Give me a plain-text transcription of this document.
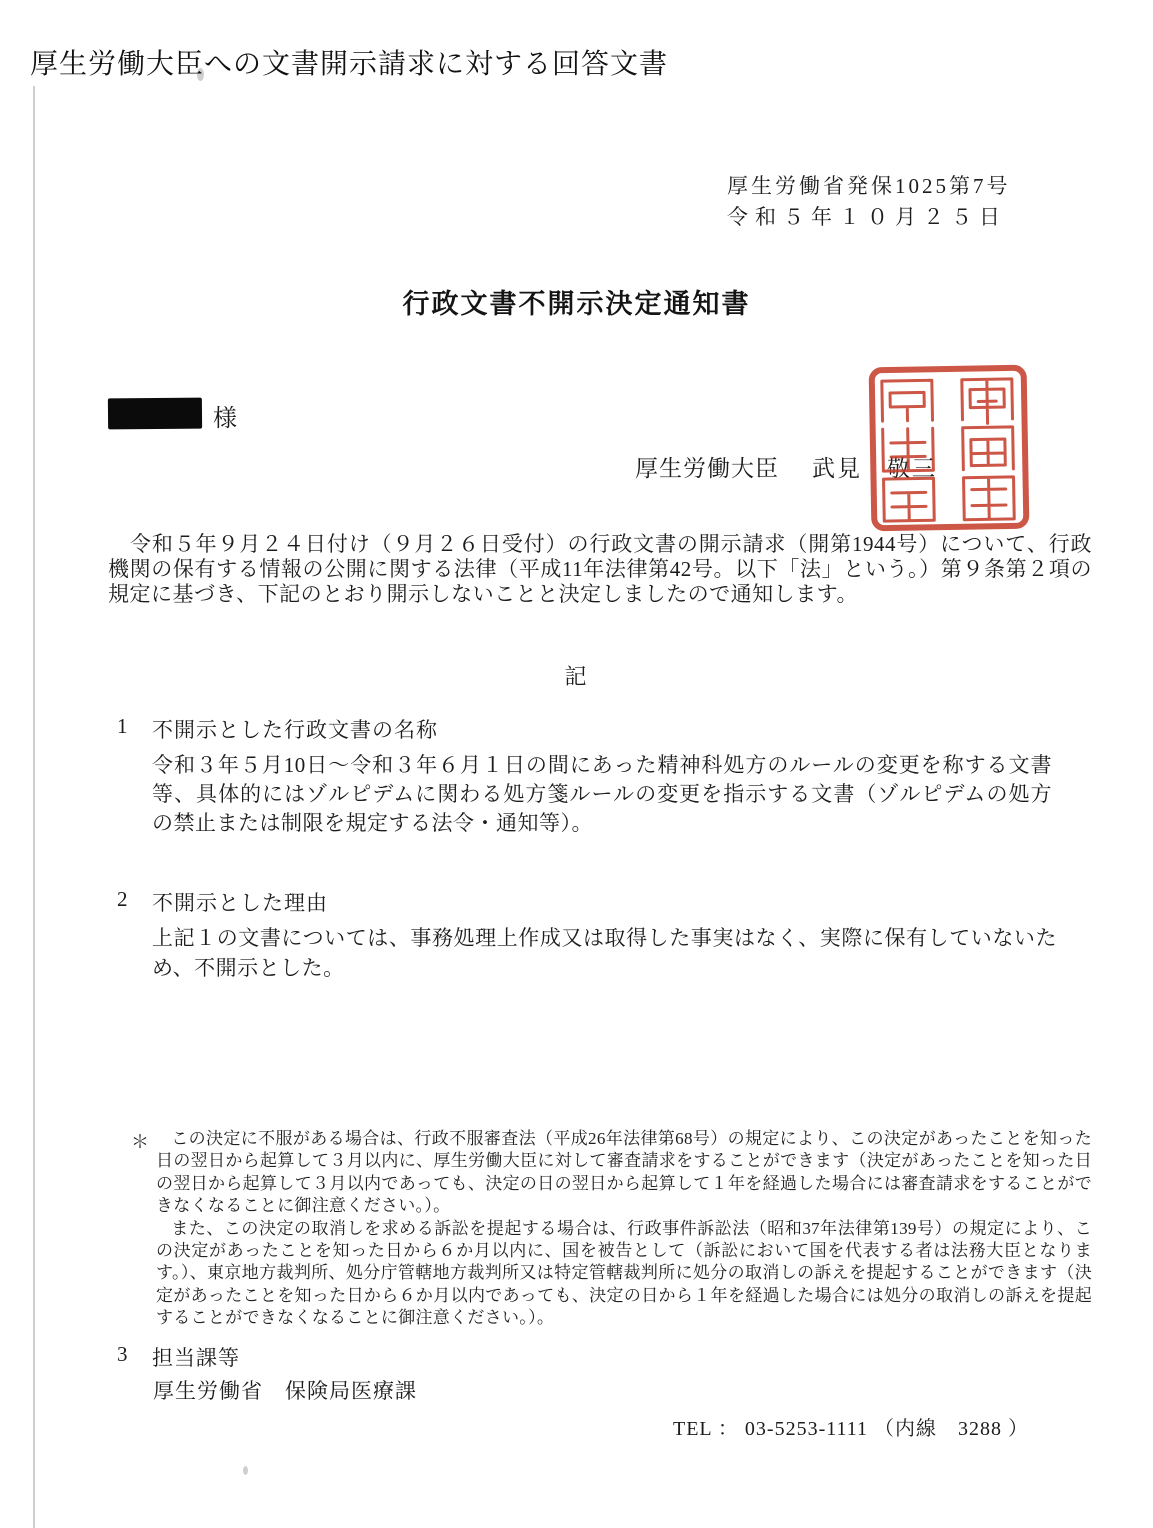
厚生労働大臣への文書開示請求に対する回答文書
厚生労働省発保1025第7号
令和５年１０月２５日
行政文書不開示決定通知書
様
厚生労働大臣 武見　敬三
令和５年９月２４日付け（９月２６日受付）の行政文書の開示請求（開第1944号）について、行政機関の保有する情報の公開に関する法律（平成11年法律第42号。以下「法」という。）第９条第２項の規定に基づき、下記のとおり開示しないことと決定しましたので通知します。
記
1 不開示とした行政文書の名称
令和３年５月10日～令和３年６月１日の間にあった精神科処方のルールの変更を称する文書等、具体的にはゾルピデムに関わる処方箋ルールの変更を指示する文書（ゾルピデムの処方の禁止または制限を規定する法令・通知等）。
2 不開示とした理由
上記１の文書については、事務処理上作成又は取得した事実はなく、実際に保有していないため、不開示とした。
＊	この決定に不服がある場合は、行政不服審査法（平成26年法律第68号）の規定により、この決定があったことを知った日の翌日から起算して３月以内に、厚生労働大臣に対して審査請求をすることができます（決定があったことを知った日の翌日から起算して３月以内であっても、決定の日の翌日から起算して１年を経過した場合には審査請求をすることができなくなることに御注意ください。）。

また、この決定の取消しを求める訴訟を提起する場合は、行政事件訴訟法（昭和37年法律第139号）の規定により、この決定があったことを知った日から６か月以内に、国を被告として（訴訟において国を代表する者は法務大臣となります。）、東京地方裁判所、処分庁管轄地方裁判所又は特定管轄裁判所に処分の取消しの訴えを提起することができます（決定があったことを知った日から６か月以内であっても、決定の日から１年を経過した場合には処分の取消しの訴えを提起することができなくなることに御注意ください。）。

3 担当課等
厚生労働省　保険局医療課
TEL ： 03-5253-1111 （内線　3288 ）
